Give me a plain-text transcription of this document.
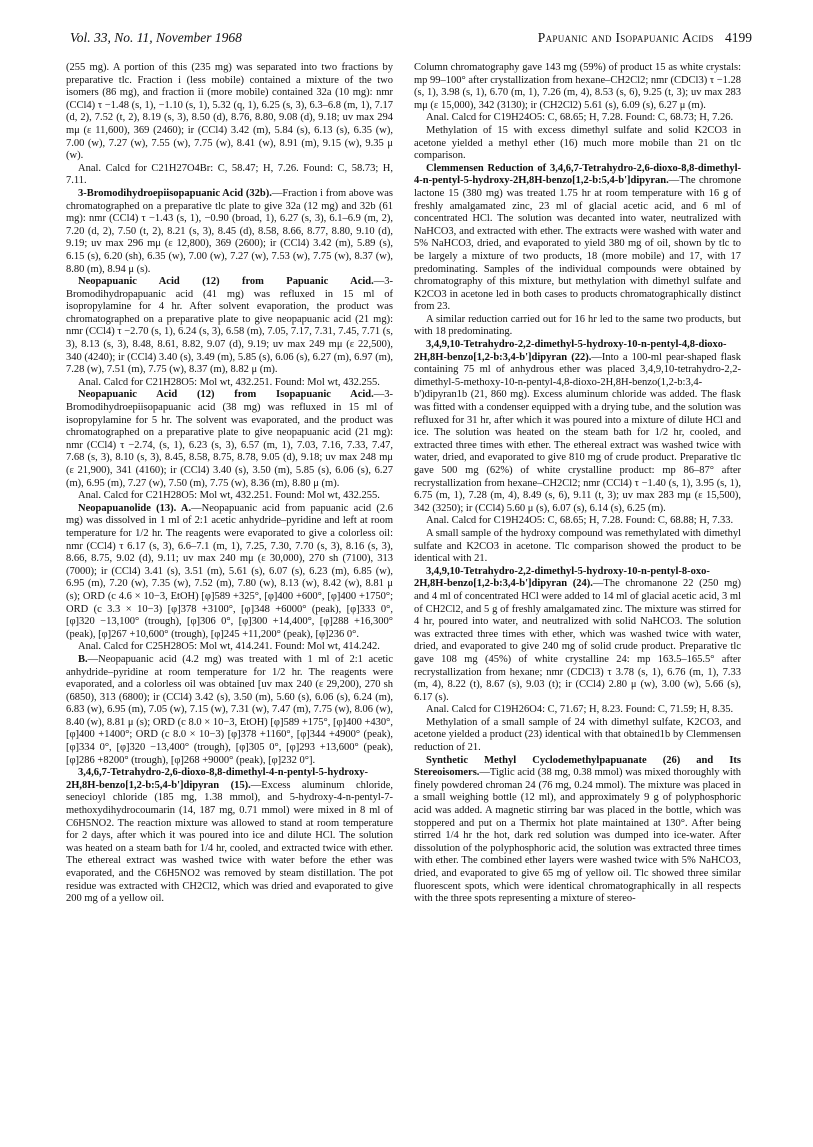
Vol. 33, No. 11, November 1968	Papuanic and Isopapuanic Acids 4199

(255 mg). A portion of this (235 mg) was separated into two fractions by preparative tlc. Fraction i (less mobile) contained a mixture of the two isomers (86 mg), and fraction ii (more mobile) contained 32a (10 mg): nmr (CCl4) τ −1.48 (s, 1), −1.10 (s, 1), 5.32 (q, 1), 6.25 (s, 3), 6.3–6.8 (m, 1), 7.17 (d, 2), 7.52 (t, 2), 8.19 (s, 3), 8.50 (d), 8.76, 8.80, 9.08 (d), 9.18; uv max 294 mμ (ε 11,600), 369 (2460); ir (CCl4) 3.42 (m), 5.84 (s), 6.13 (s), 6.35 (w), 7.00 (w), 7.27 (w), 7.55 (w), 7.75 (w), 8.41 (w), 8.91 (m), 9.15 (w), 9.35 μ (w).

Anal. Calcd for C21H27O4Br: C, 58.47; H, 7.26. Found: C, 58.73; H, 7.11.

3-Bromodihydroepiisopapuanic Acid (32b).—Fraction i from above was chromatographed on a preparative tlc plate to give 32a (12 mg) and 32b (61 mg): nmr (CCl4) τ −1.43 (s, 1), −0.90 (broad, 1), 6.27 (s, 3), 6.1–6.9 (m, 2), 7.20 (d, 2), 7.50 (t, 2), 8.21 (s, 3), 8.45 (d), 8.58, 8.66, 8.77, 8.80, 9.10 (d), 9.19; uv max 296 mμ (ε 12,800), 369 (2600); ir (CCl4) 3.42 (m), 5.89 (s), 6.15 (s), 6.20 (sh), 6.35 (w), 7.00 (w), 7.27 (w), 7.53 (w), 7.75 (w), 8.37 (w), 8.80 (m), 8.94 μ (s).

Neopapuanic Acid (12) from Papuanic Acid.—3-Bromodihydropapuanic acid (41 mg) was refluxed in 15 ml of isopropylamine for 4 hr. After solvent evaporation, the product was chromatographed on a preparative plate to give neopapuanic acid (21 mg): nmr (CCl4) τ −2.70 (s, 1), 6.24 (s, 3), 6.58 (m), 7.05, 7.17, 7.31, 7.45, 7.71 (s, 3), 8.13 (s, 3), 8.48, 8.61, 8.82, 9.07 (d), 9.19; uv max 249 mμ (ε 22,500), 340 (4240); ir (CCl4) 3.40 (s), 3.49 (m), 5.85 (s), 6.06 (s), 6.27 (m), 6.97 (m), 7.28 (w), 7.51 (m), 7.75 (w), 8.37 (m), 8.82 μ (m).

Anal. Calcd for C21H28O5: Mol wt, 432.251. Found: Mol wt, 432.255.

Neopapuanic Acid (12) from Isopapuanic Acid.—3-Bromodihydroepiisopapuanic acid (38 mg) was refluxed in 15 ml of isopropylamine for 5 hr. The solvent was evaporated, and the product was chromatographed on a preparative plate to give neopapuanic acid (21 mg): nmr (CCl4) τ −2.74, (s, 1), 6.23 (s, 3), 6.57 (m, 1), 7.03, 7.16, 7.33, 7.47, 7.68 (s, 3), 8.10 (s, 3), 8.45, 8.58, 8.75, 8.78, 9.05 (d), 9.18; uv max 248 mμ (ε 21,900), 341 (4160); ir (CCl4) 3.40 (s), 3.50 (m), 5.85 (s), 6.06 (s), 6.27 (m), 6.95 (m), 7.27 (w), 7.50 (m), 7.75 (w), 8.36 (m), 8.80 μ (m).

Anal. Calcd for C21H28O5: Mol wt, 432.251. Found: Mol wt, 432.255.

Neopapuanolide (13). A.—Neopapuanic acid from papuanic acid (2.6 mg) was dissolved in 1 ml of 2:1 acetic anhydride–pyridine and left at room temperature for 1/2 hr. The reagents were evaporated to give a colorless oil: nmr (CCl4) τ 6.17 (s, 3), 6.6–7.1 (m, 1), 7.25, 7.30, 7.70 (s, 3), 8.16 (s, 3), 8.66, 8.75, 9.02 (d), 9.11; uv max 240 mμ (ε 30,000), 270 sh (7100), 313 (7000); ir (CCl4) 3.41 (s), 3.51 (m), 5.61 (s), 6.07 (s), 6.23 (m), 6.85 (w), 6.95 (m), 7.20 (w), 7.35 (w), 7.52 (m), 7.80 (w), 8.13 (w), 8.42 (w), 8.81 μ (s); ORD (c 4.6 × 10−3, EtOH) [φ]589 +325°, [φ]400 +600°, [φ]400 +1750°; ORD (c 3.3 × 10−3) [φ]378 +3100°, [φ]348 +6000° (peak), [φ]333 0°, [φ]320 −13,100° (trough), [φ]306 0°, [φ]300 +14,400°, [φ]288 +16,300° (peak), [φ]267 +10,600° (trough), [φ]245 +11,200° (peak), [φ]236 0°.

Anal. Calcd for C25H28O5: Mol wt, 414.241. Found: Mol wt, 414.242.

B.—Neopapuanic acid (4.2 mg) was treated with 1 ml of 2:1 acetic anhydride–pyridine at room temperature for 1/2 hr. The reagents were evaporated, and a colorless oil was obtained [uv max 240 (ε 29,200), 270 sh (6850), 313 (6800); ir (CCl4) 3.42 (s), 3.50 (m), 5.60 (s), 6.06 (s), 6.24 (m), 6.83 (w), 6.95 (m), 7.05 (w), 7.15 (w), 7.31 (w), 7.47 (m), 7.75 (w), 8.06 (w), 8.40 (w), 8.81 μ (s); ORD (c 8.0 × 10−3, EtOH) [φ]589 +175°, [φ]400 +430°, [φ]400 +1400°; ORD (c 8.0 × 10−3) [φ]378 +1160°, [φ]344 +4900° (peak), [φ]334 0°, [φ]320 −13,400° (trough), [φ]305 0°, [φ]293 +13,600° (peak), [φ]286 +8200° (trough), [φ]268 +9000° (peak), [φ]232 0°].

3,4,6,7-Tetrahydro-2,6-dioxo-8,8-dimethyl-4-n-pentyl-5-hydroxy-2H,8H-benzo[1,2-b:5,4-b']dipyran (15).—Excess aluminum chloride, senecioyl chloride (185 mg, 1.38 mmol), and 5-hydroxy-4-n-pentyl-7-methoxydihydrocoumarin (14, 187 mg, 0.71 mmol) were mixed in 8 ml of C6H5NO2. The reaction mixture was allowed to stand at room temperature for 2 days, after which it was poured into ice and dilute HCl. The solution was heated on a steam bath for 1/4 hr, cooled, and extracted twice with ether. The ethereal extract was washed twice with water before the ether was evaporated, and the C6H5NO2 was removed by steam distillation. The pot residue was extracted with CH2Cl2, which was dried and evaporated to give 200 mg of a yellow oil.

Column chromatography gave 143 mg (59%) of product 15 as white crystals: mp 99–100° after crystallization from hexane–CH2Cl2; nmr (CDCl3) τ −1.28 (s, 1), 3.98 (s, 1), 6.70 (m, 1), 7.26 (m, 4), 8.53 (s, 6), 9.25 (t, 3); uv max 283 mμ (ε 15,000), 342 (3130); ir (CH2Cl2) 5.61 (s), 6.09 (s), 6.27 μ (m).

Anal. Calcd for C19H24O5: C, 68.65; H, 7.28. Found: C, 68.73; H, 7.26.

Methylation of 15 with excess dimethyl sulfate and solid K2CO3 in acetone yielded a methyl ether (16) much more mobile than 21 on tlc comparison.

Clemmensen Reduction of 3,4,6,7-Tetrahydro-2,6-dioxo-8,8-dimethyl-4-n-pentyl-5-hydroxy-2H,8H-benzo[1,2-b:5,4-b']dipyran.—The chromone lactone 15 (380 mg) was treated 1.75 hr at room temperature with 16 g of freshly amalgamated zinc, 23 ml of glacial acetic acid, and 6 ml of concentrated HCl. The solution was decanted into water, neutralized with NaHCO3, and extracted with ether. The extracts were washed with water and 5% NaHCO3, dried, and evaporated to yield 380 mg of oil, shown by tlc to be largely a mixture of two products, 18 (more mobile) and 17, with 17 predominating. Samples of the individual compounds were obtained by chromatography of this mixture, but methylation with dimethyl sulfate and K2CO3 in acetone led in both cases to products chromatographically distinct from 23.

A similar reduction carried out for 16 hr led to the same two products, but with 18 predominating.

3,4,9,10-Tetrahydro-2,2-dimethyl-5-hydroxy-10-n-pentyl-4,8-dioxo-2H,8H-benzo[1,2-b:3,4-b']dipyran (22).—Into a 100-ml pear-shaped flask containing 75 ml of anhydrous ether was placed 3,4,9,10-tetrahydro-2,2-dimethyl-5-methoxy-10-n-pentyl-4,8-dioxo-2H,8H-benzo(1,2-b:3,4-b')dipyran1b (21, 860 mg). Excess aluminum chloride was added. The flask was fitted with a condenser equipped with a drying tube, and the solution was refluxed for 31 hr, after which it was poured into a mixture of dilute HCl and ice. The solution was heated on the steam bath for 1/2 hr, cooled, and extracted three times with ether. The ethereal extract was washed twice with water, dried, and evaporated to give 810 mg of crude product. Preparative tlc gave 500 mg (62%) of white crystalline product: mp 86–87° after recrystallization from hexane–CH2Cl2; nmr (CCl4) τ −1.40 (s, 1), 3.95 (s, 1), 6.75 (m, 1), 7.28 (m, 4), 8.49 (s, 6), 9.11 (t, 3); uv max 283 mμ (ε 15,500), 342 (3250); ir (CCl4) 5.60 μ (s), 6.07 (s), 6.14 (s), 6.25 (m).

Anal. Calcd for C19H24O5: C, 68.65; H, 7.28. Found: C, 68.88; H, 7.33.

A small sample of the hydroxy compound was remethylated with dimethyl sulfate and K2CO3 in acetone. Tlc comparison showed the product to be identical with 21.

3,4,9,10-Tetrahydro-2,2-dimethyl-5-hydroxy-10-n-pentyl-8-oxo-2H,8H-benzo[1,2-b:3,4-b']dipyran (24).—The chromanone 22 (250 mg) and 4 ml of concentrated HCl were added to 14 ml of glacial acetic acid, 3 ml of CH2Cl2, and 5 g of freshly amalgamated zinc. The mixture was stirred for 4 hr, poured into water, and neutralized with solid NaHCO3. The solution was extracted three times with ether, which was washed twice with water, dried, and evaporated to give 240 mg of solid crude product. Preparative tlc gave 108 mg (45%) of white crystalline 24: mp 163.5–165.5° after recrystallization from hexane; nmr (CDCl3) τ 3.78 (s, 1), 6.76 (m, 1), 7.33 (m, 4), 8.22 (t), 8.67 (s), 9.03 (t); ir (CCl4) 2.80 μ (w), 3.00 (w), 5.66 (s), 6.17 (s).

Anal. Calcd for C19H26O4: C, 71.67; H, 8.23. Found: C, 71.59; H, 8.35.

Methylation of a small sample of 24 with dimethyl sulfate, K2CO3, and acetone yielded a product (23) identical with that obtained1b by Clemmensen reduction of 21.

Synthetic Methyl Cyclodemethylpapuanate (26) and Its Stereoisomers.—Tiglic acid (38 mg, 0.38 mmol) was mixed thoroughly with finely powdered chroman 24 (76 mg, 0.24 mmol). The mixture was placed in a small weighing bottle (12 ml), and approximately 9 g of polyphosphoric acid was added. A magnetic stirring bar was placed in the bottle, which was stoppered and put on a Thermix hot plate maintained at 130°. After being stirred 1/4 hr the hot, dark red solution was dumped into ice-water. After dissolution of the polyphosphoric acid, the solution was extracted three times with ether. The combined ether layers were washed twice with 5% NaHCO3, dried, and evaporated to give 65 mg of yellow oil. Tlc showed three similar fluorescent spots, which were identical chromatographically in all respects with the three spots representing a mixture of stereo-
